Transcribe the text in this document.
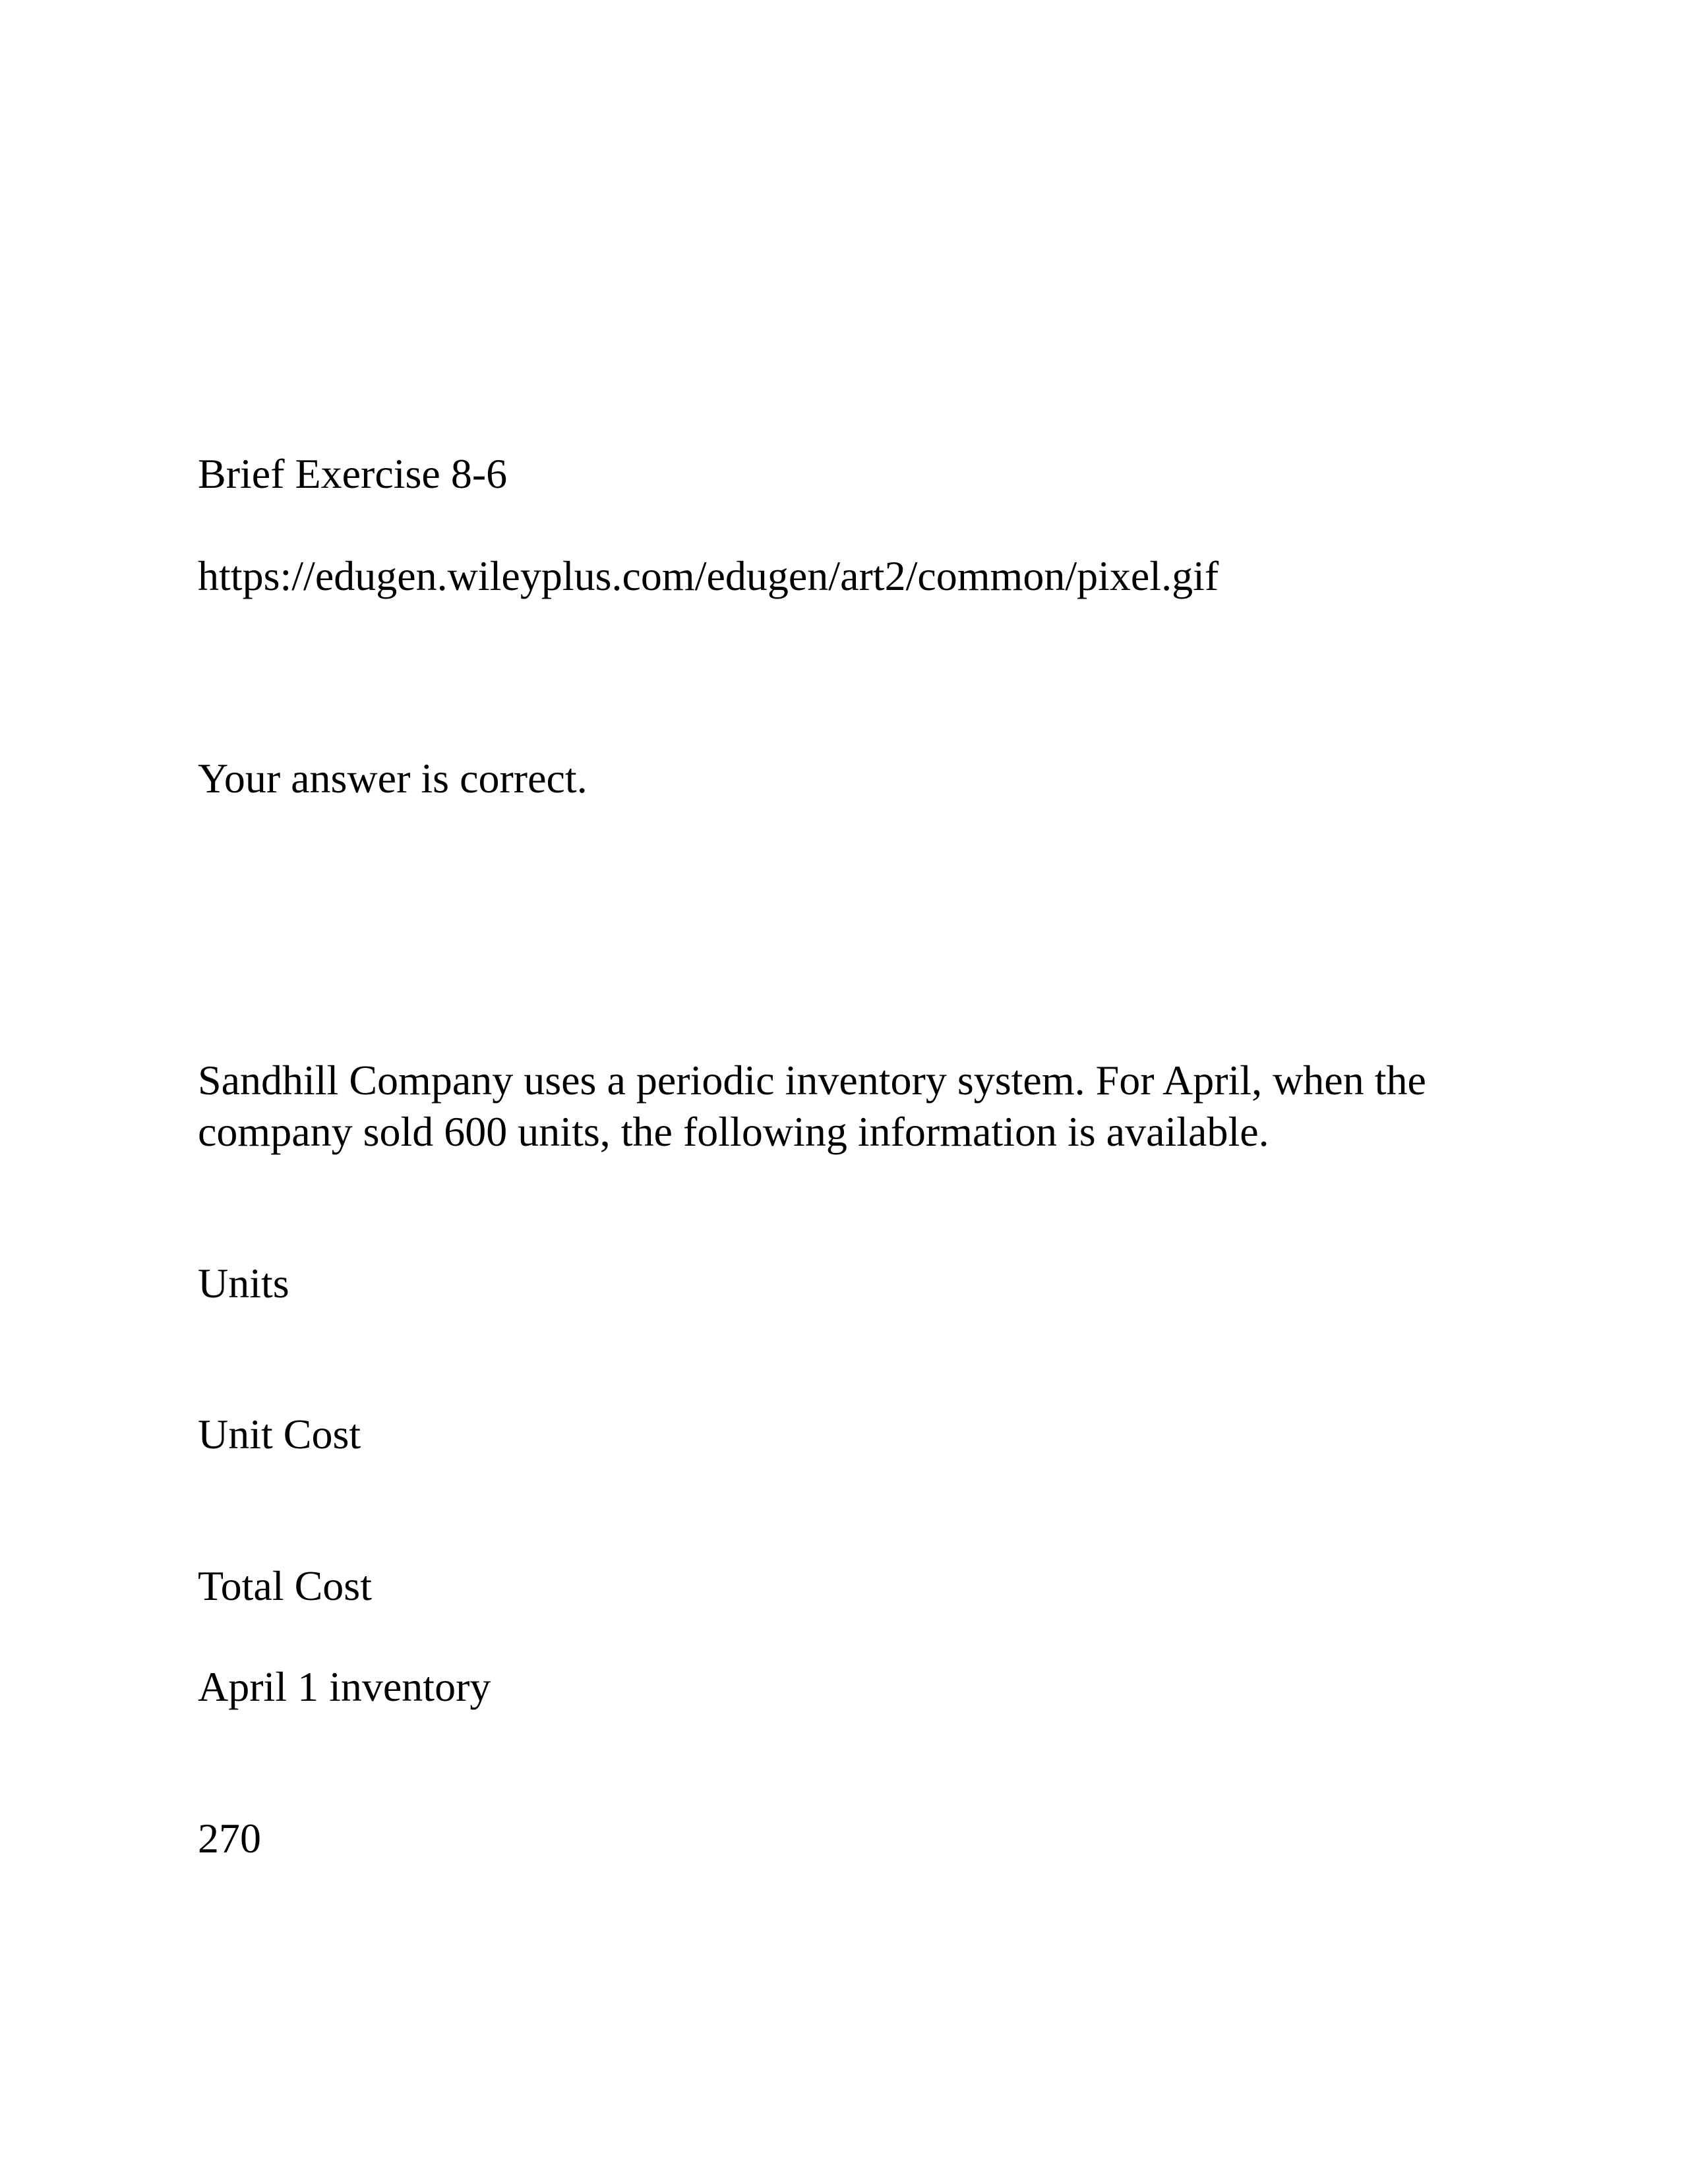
Brief Exercise 8-6

https://edugen.wileyplus.com/edugen/art2/common/pixel.gif

Your answer is correct.

Sandhill Company uses a periodic inventory system. For April, when the company sold 600 units, the following information is available.

Units

Unit Cost

Total Cost

April 1 inventory

270
